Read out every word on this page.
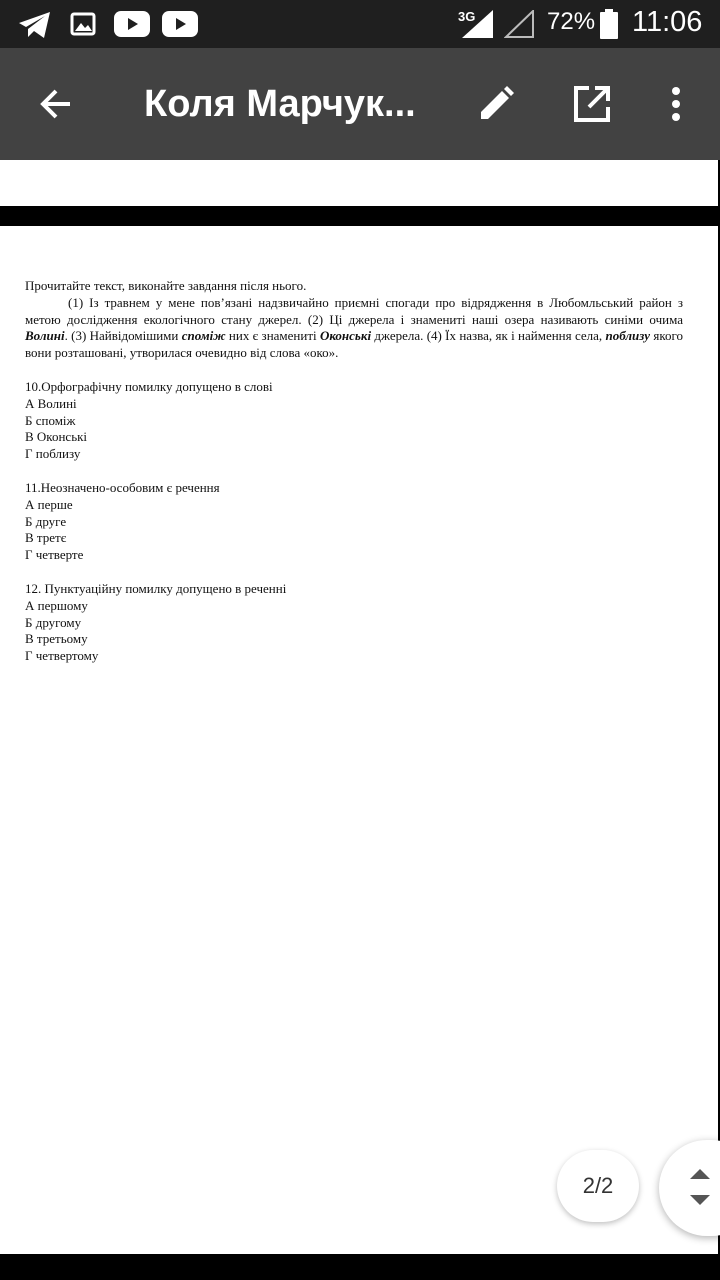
3G	72% 11:06
Коля Марчук...

Прочитайте текст, виконайте завдання після нього.

(1) Із травнем у мене пов’язані надзвичайно приємні спогади про відрядження в Любомльський район з метою дослідження екологічного стану джерел. (2) Ці джерела і знамениті наші озера називають синіми очима Волині. (3) Найвідомішими споміж них є знамениті Оконські джерела. (4) Їх назва, як і наймення села, поблизу якого вони розташовані, утворилася очевидно від слова «око».

10.Орфографічну помилку допущено в слові
А Волині
Б споміж
В Оконські
Г поблизу
11.Неозначено-особовим є речення
А перше
Б друге
В третє
Г четверте
12. Пунктуаційну помилку допущено в реченні
А першому
Б другому
В третьому
Г четвертому
2/2
